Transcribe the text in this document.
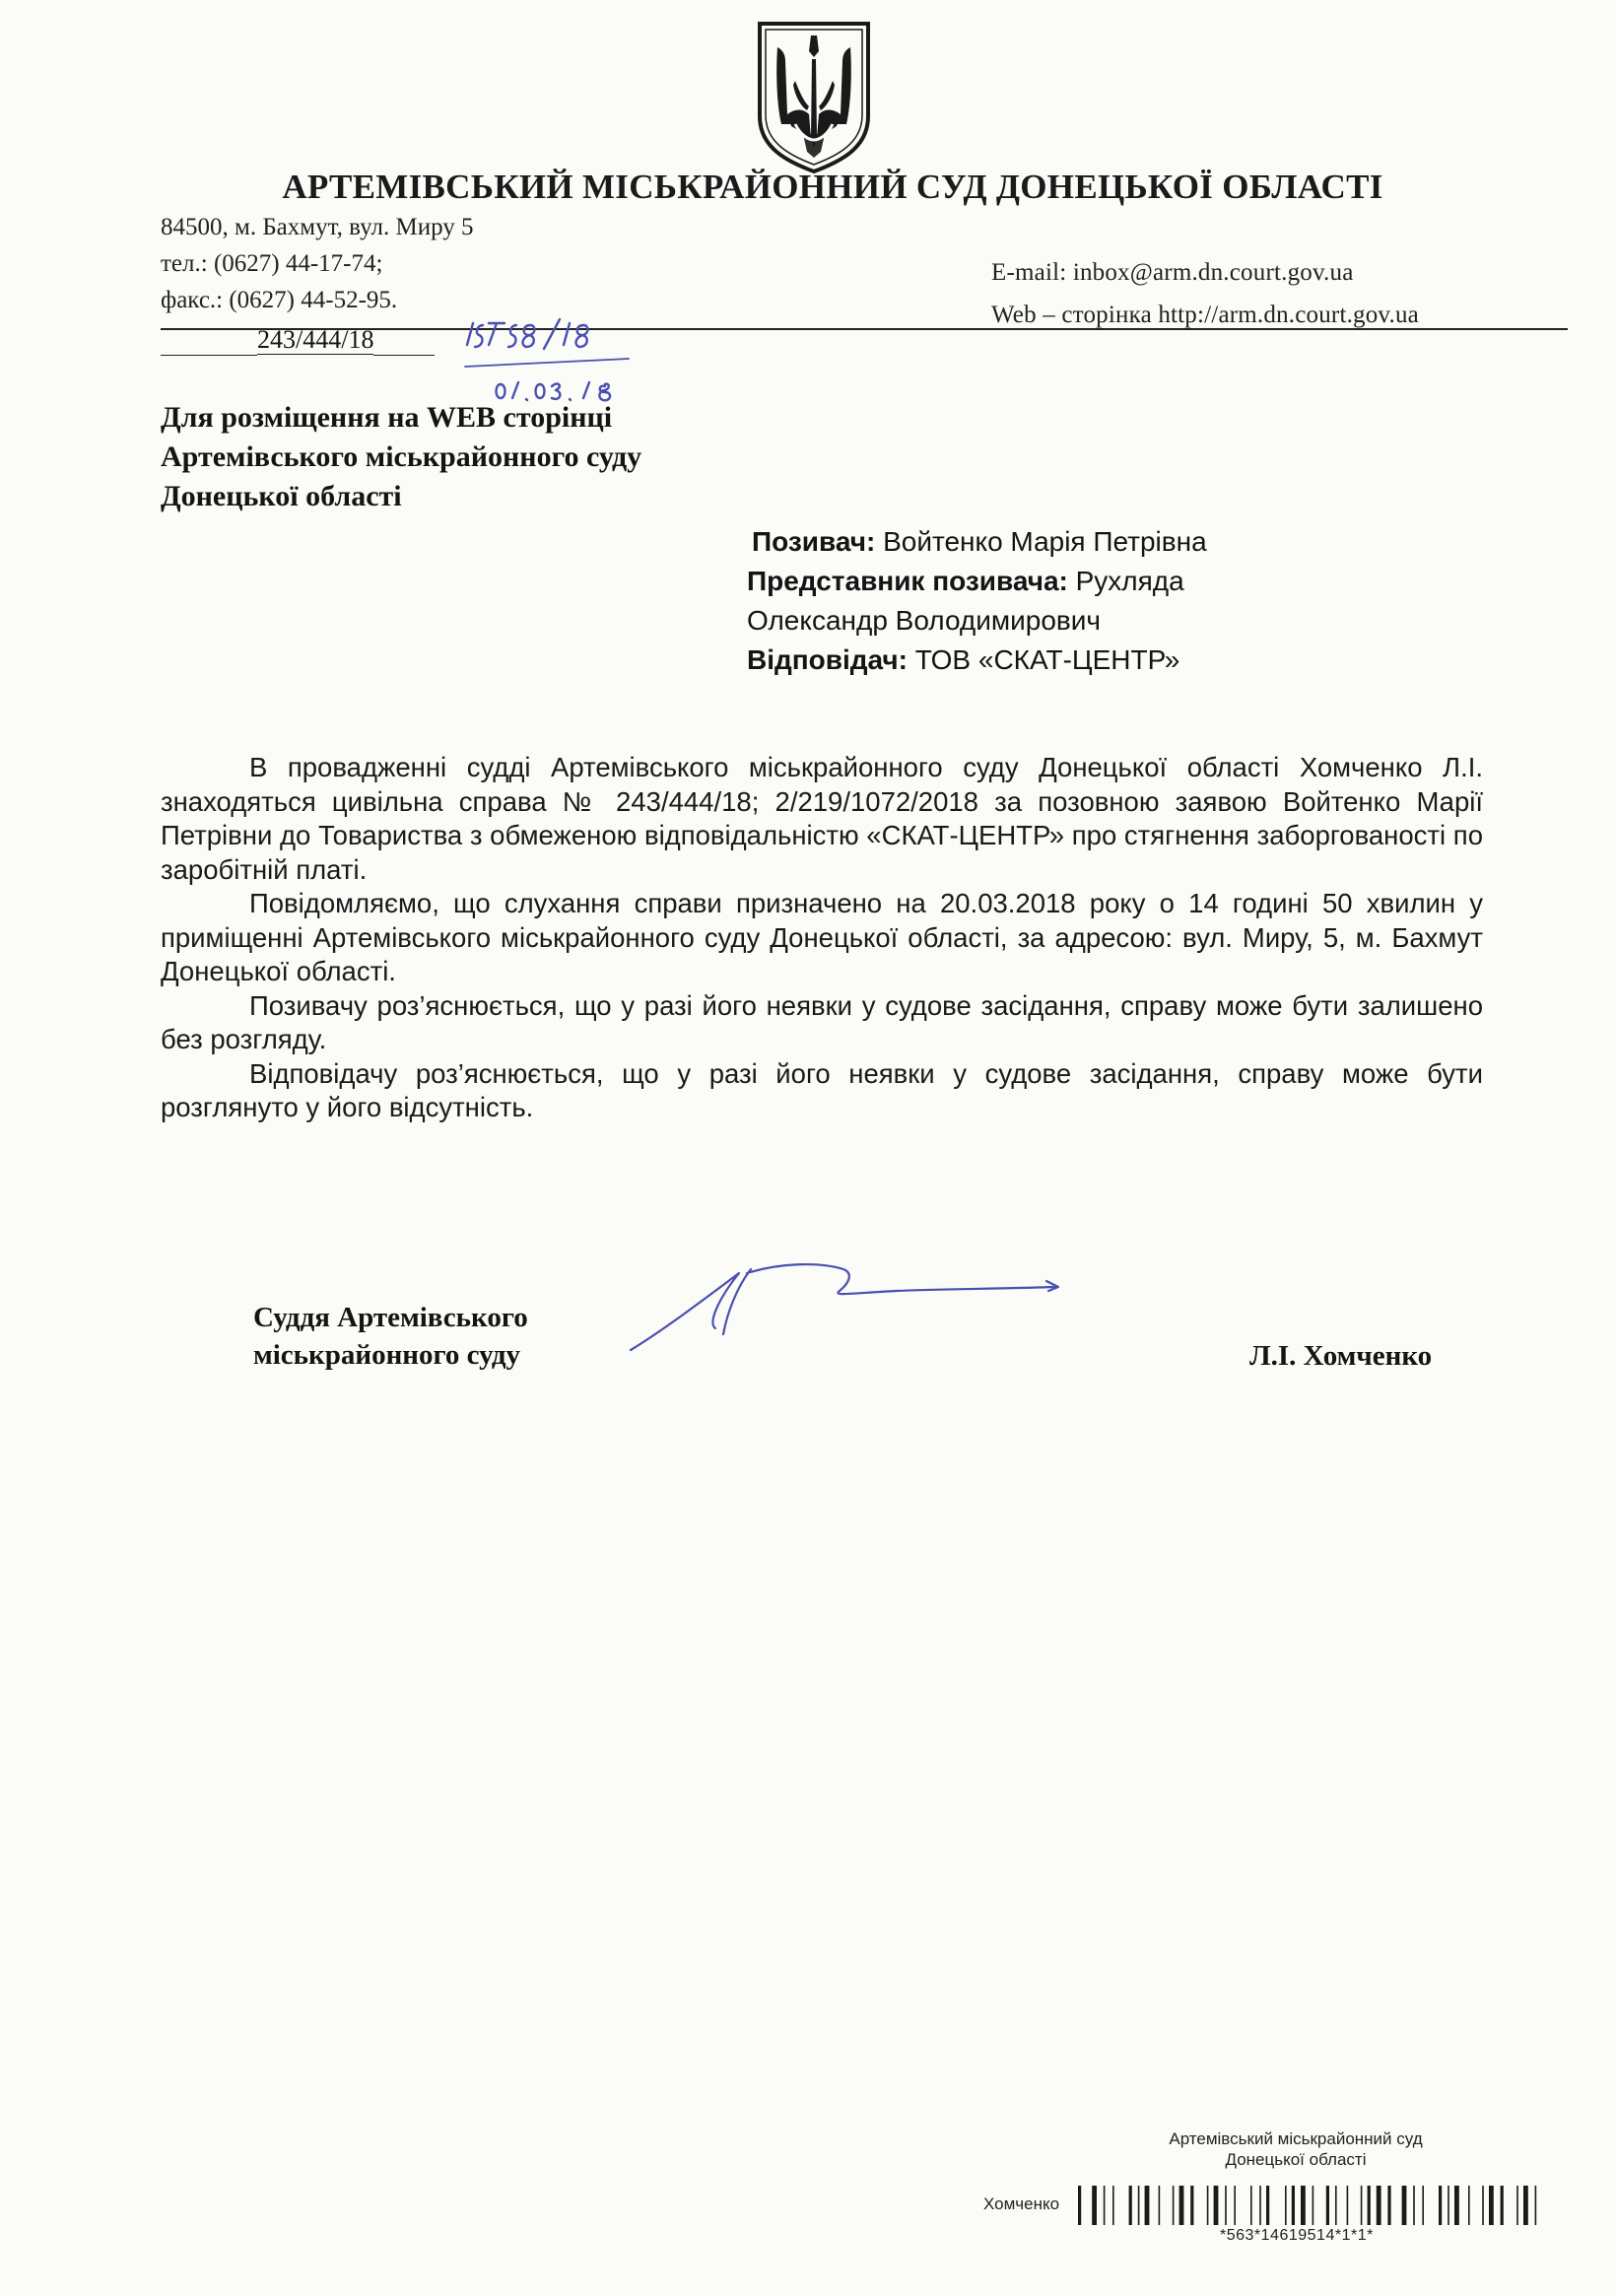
АРТЕМІВСЬКИЙ МІСЬКРАЙОННИЙ СУД ДОНЕЦЬКОЇ ОБЛАСТІ
84500, м. Бахмут, вул. Миру 5
тел.: (0627) 44-17-74;
факс.: (0627) 44-52-95.
E-mail: inbox@arm.dn.court.gov.ua
Web – сторінка http://arm.dn.court.gov.ua
243/444/18
Для розміщення на WEB сторінці
Артемівського міськрайонного суду
Донецької області
Позивач: Войтенко Марія Петрівна
Представник позивача: Рухляда
Олександр Володимирович
Відповідач: ТОВ «СКАТ-ЦЕНТР»

В провадженні судді Артемівського міськрайонного суду Донецької області Хомченко Л.І. знаходяться цивільна справа № 243/444/18; 2/219/1072/2018 за позовною заявою Войтенко Марії Петрівни до Товариства з обмеженою відповідальністю «СКАТ-ЦЕНТР» про стягнення заборгованості по заробітній платі.

Повідомляємо, що слухання справи призначено на 20.03.2018 року о 14 годині 50 хвилин у приміщенні Артемівського міськрайонного суду Донецької області, за адресою: вул. Миру, 5, м. Бахмут Донецької області.

Позивачу роз’яснюється, що у разі його неявки у судове засідання, справу може бути залишено без розгляду.

Відповідачу роз’яснюється, що у разі його неявки у судове засідання, справу може бути розглянуто у його відсутність.

Суддя Артемівського
міськрайонного суду	Л.І. Хомченко
Артемівський міськрайонний суд
Донецької області
Хомченко
*563*14619514*1*1*
